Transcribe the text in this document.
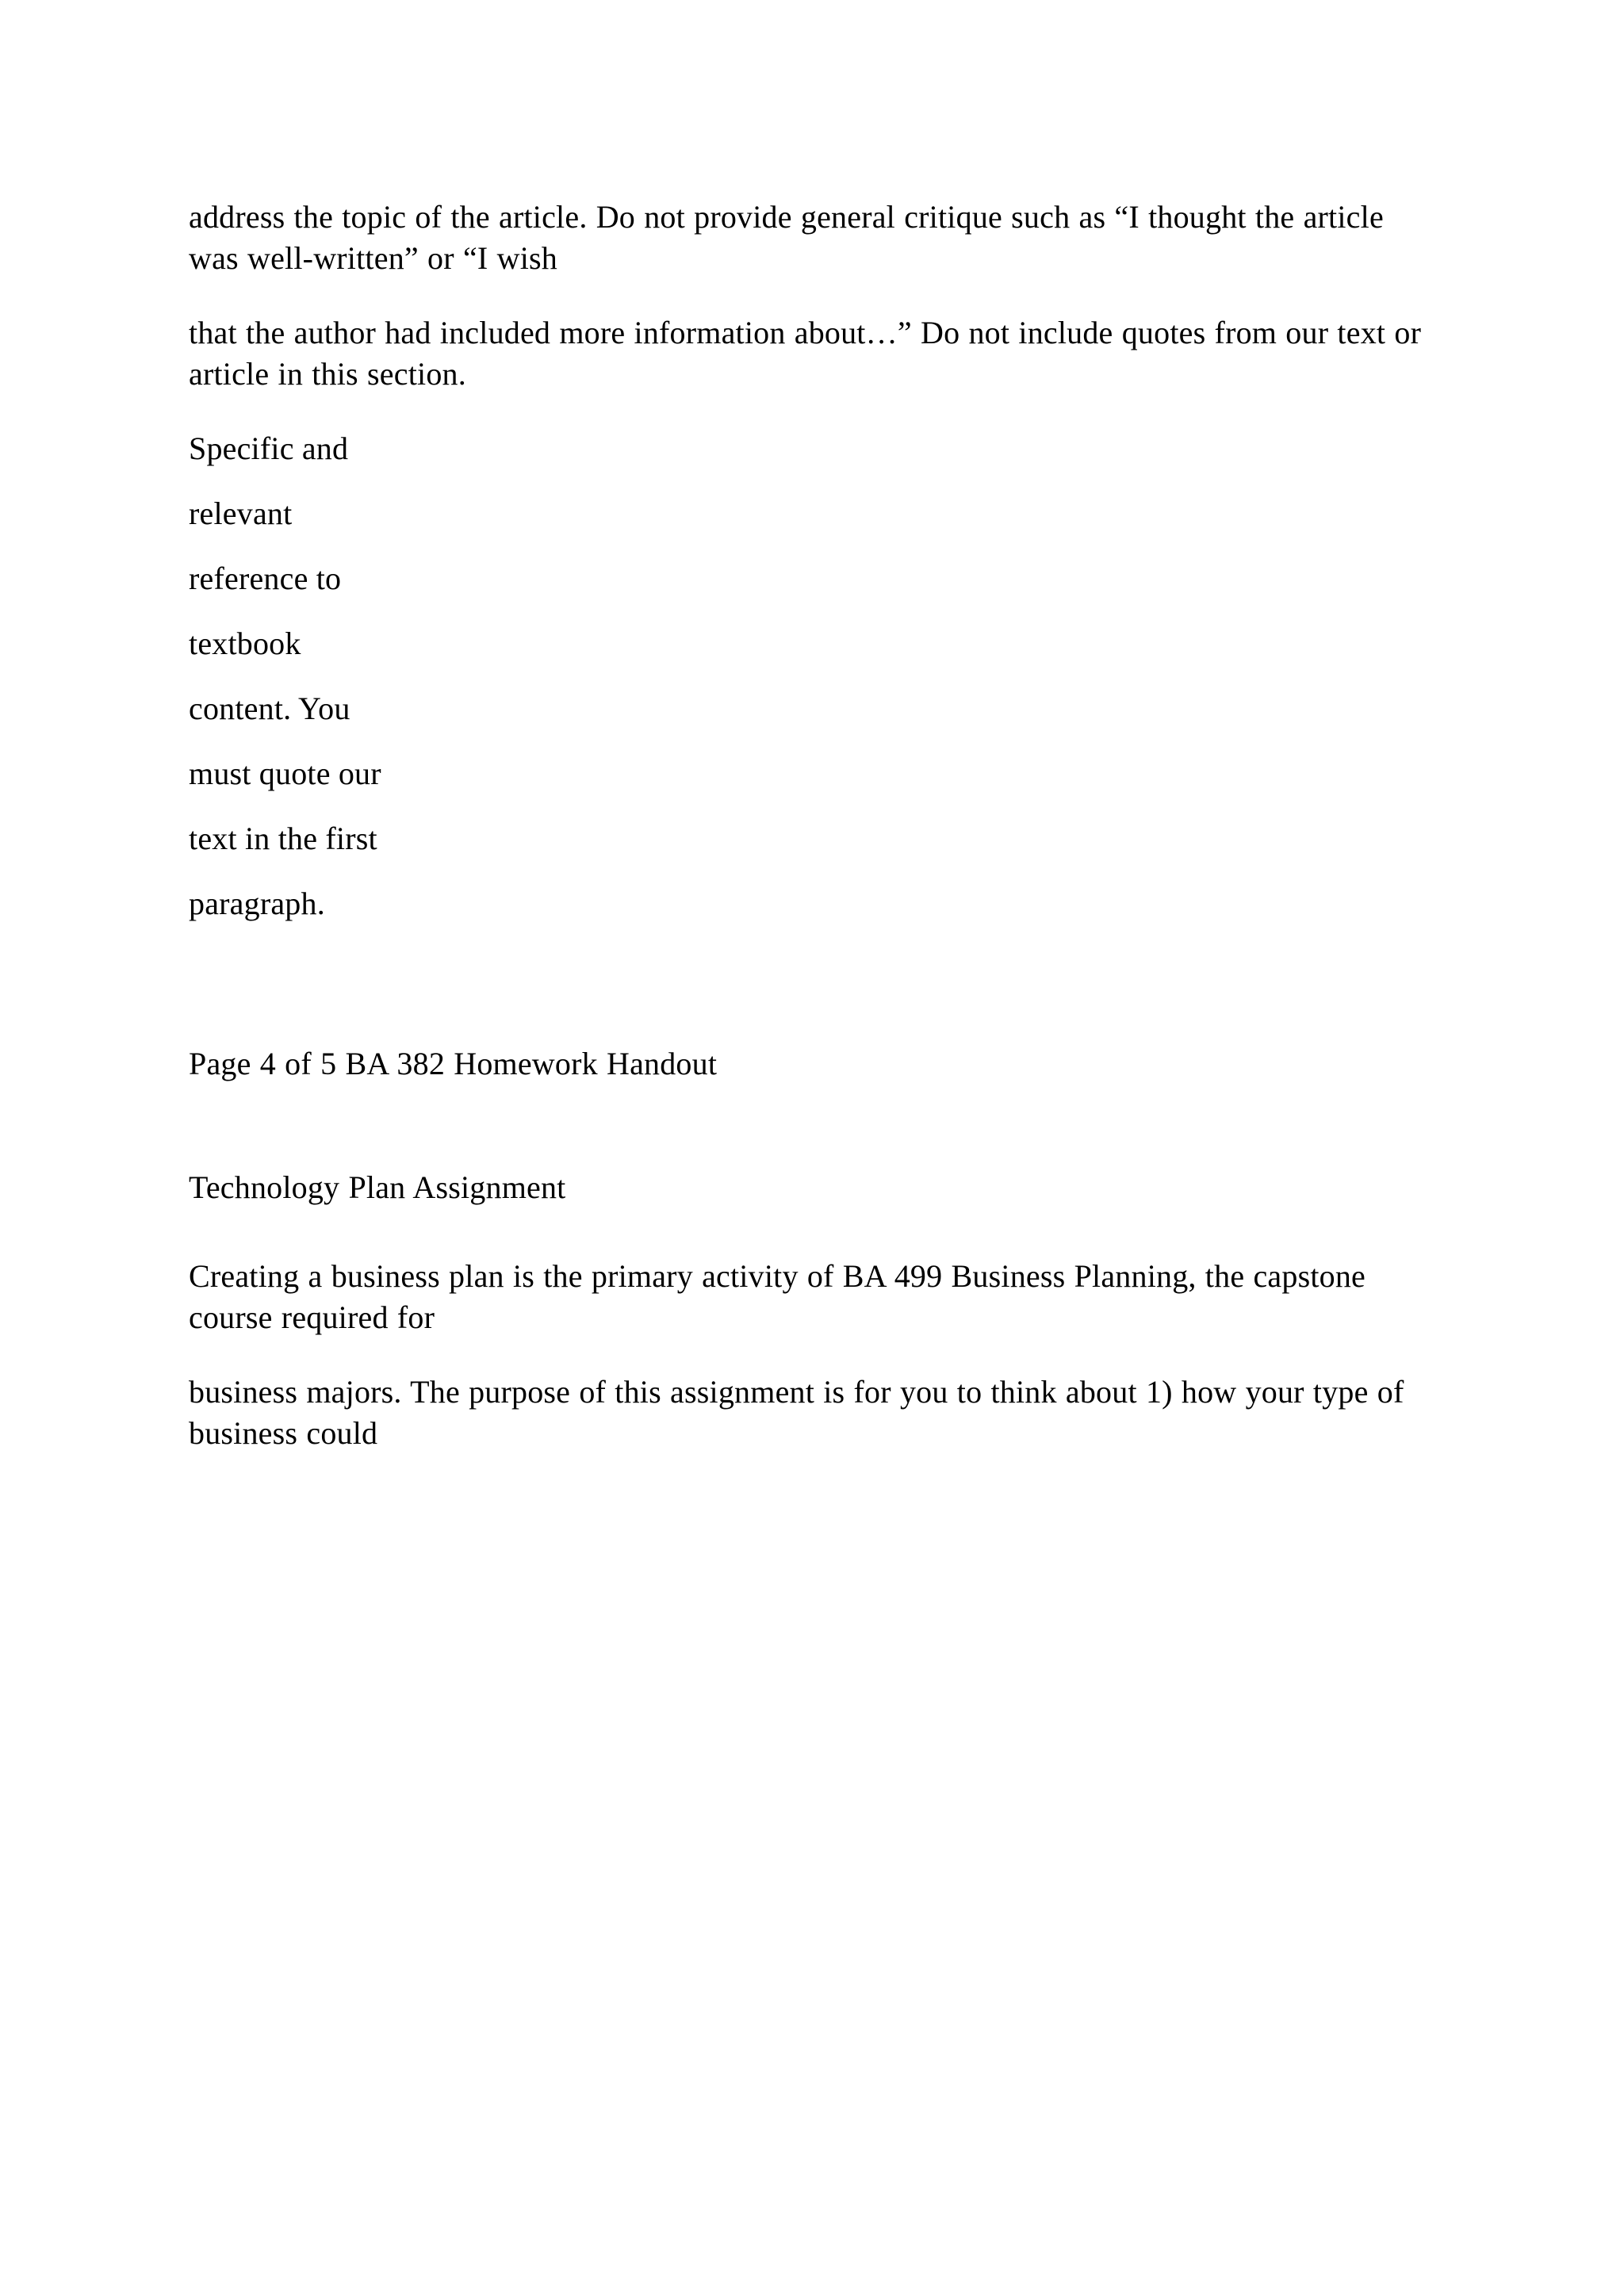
address the topic of the article. Do not provide general critique such as “I thought the article was well-written” or “I wish

that the author had included more information about…” Do not include quotes from our text or article in this section.

Specific and

relevant

reference to

textbook

content. You

must quote our

text in the first

paragraph.

Page 4 of 5 BA 382 Homework Handout

Technology Plan Assignment

Creating a business plan is the primary activity of BA 499 Business Planning, the capstone course required for

business majors. The purpose of this assignment is for you to think about 1) how your type of business could
